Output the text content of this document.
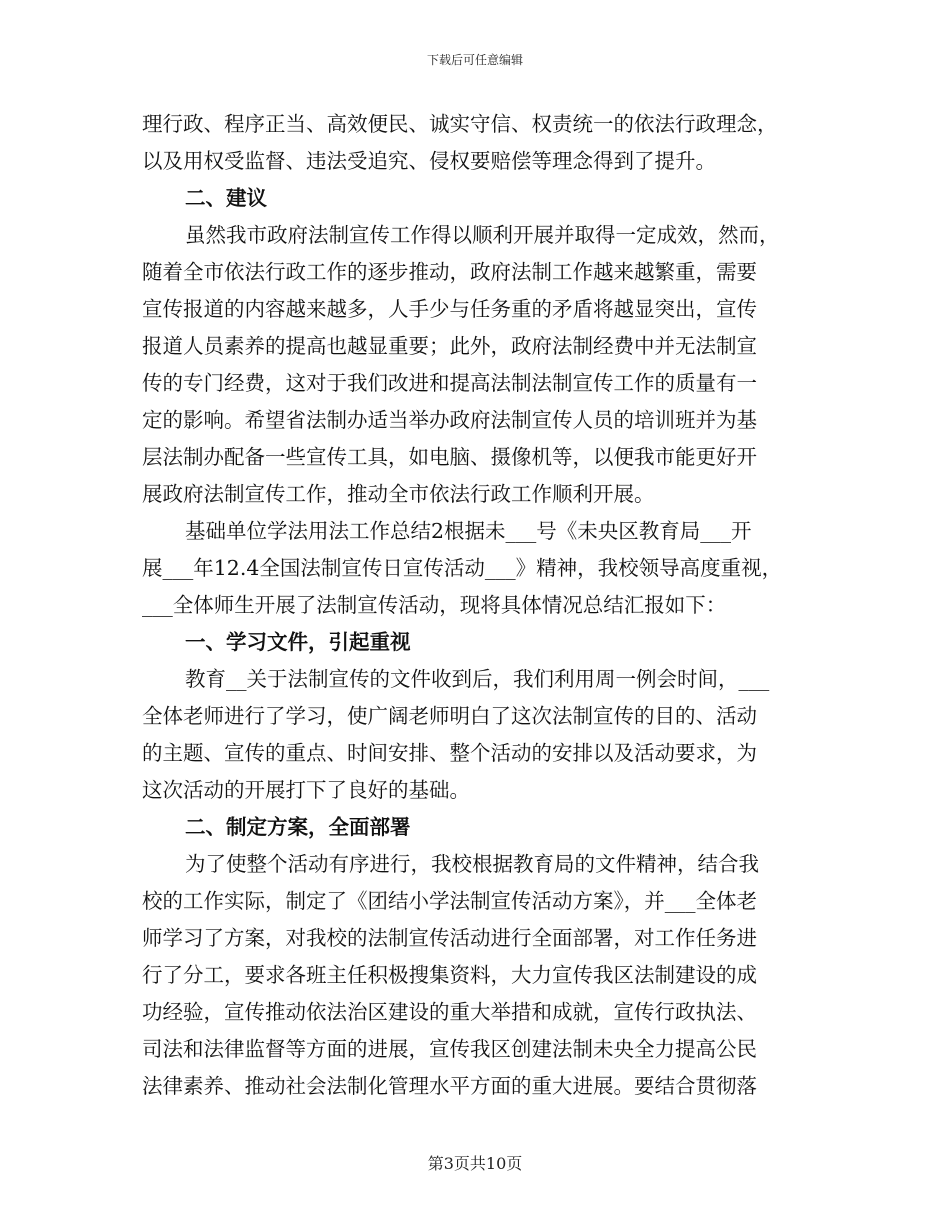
下载后可任意编辑
理行政、程序正当、高效便民、诚实守信、权责统一的依法行政理念，
以及用权受监督、违法受追究、侵权要赔偿等理念得到了提升。
二、建议
虽然我市政府法制宣传工作得以顺利开展并取得一定成效，然而，
随着全市依法行政工作的逐步推动，政府法制工作越来越繁重，需要
宣传报道的内容越来越多，人手少与任务重的矛盾将越显突出，宣传
报道人员素养的提高也越显重要；此外，政府法制经费中并无法制宣
传的专门经费，这对于我们改进和提高法制法制宣传工作的质量有一
定的影响。希望省法制办适当举办政府法制宣传人员的培训班并为基
层法制办配备一些宣传工具，如电脑、摄像机等，以便我市能更好开
展政府法制宣传工作，推动全市依法行政工作顺利开展。
基础单位学法用法工作总结2根据未___号《未央区教育局___开
展___年12.4全国法制宣传日宣传活动___》精神，我校领导高度重视，
___全体师生开展了法制宣传活动，现将具体情况总结汇报如下：
一、学习文件，引起重视
教育__关于法制宣传的文件收到后，我们利用周一例会时间，___
全体老师进行了学习，使广阔老师明白了这次法制宣传的目的、活动
的主题、宣传的重点、时间安排、整个活动的安排以及活动要求，为
这次活动的开展打下了良好的基础。
二、制定方案，全面部署
为了使整个活动有序进行，我校根据教育局的文件精神，结合我
校的工作实际，制定了《团结小学法制宣传活动方案》，并___全体老
师学习了方案，对我校的法制宣传活动进行全面部署，对工作任务进
行了分工，要求各班主任积极搜集资料，大力宣传我区法制建设的成
功经验，宣传推动依法治区建设的重大举措和成就，宣传行政执法、
司法和法律监督等方面的进展，宣传我区创建法制未央全力提高公民
法律素养、推动社会法制化管理水平方面的重大进展。要结合贯彻落
第3页共10页
